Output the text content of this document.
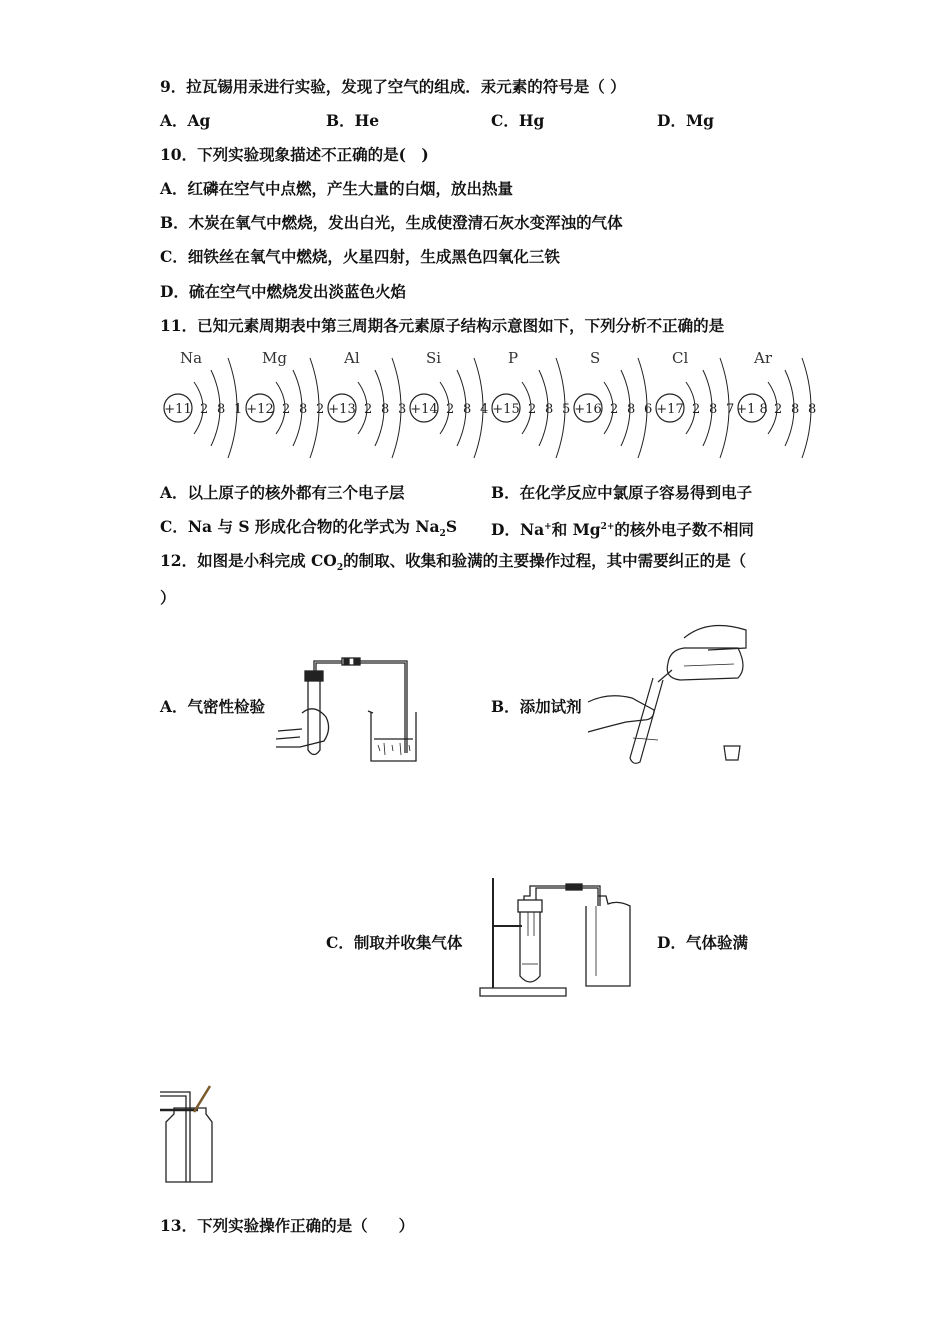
9．拉瓦锡用汞进行实验，发现了空气的组成．汞元素的符号是（ ）
A．Ag	B．He	C．Hg	D．Mg
10．下列实验现象描述不正确的是(　)
A．红磷在空气中点燃，产生大量的白烟，放出热量
B．木炭在氧气中燃烧，发出白光，生成使澄清石灰水变浑浊的气体
C．细铁丝在氧气中燃烧，火星四射，生成黑色四氧化三铁
D．硫在空气中燃烧发出淡蓝色火焰
11．已知元素周期表中第三周期各元素原子结构示意图如下，下列分析不正确的是
Na
+11 2 8 1
Mg
+12 2 8 2
Al
+13 2 8 3
Si
+14 2 8 4
P
+15 2 8 5
S
+16 2 8 6
Cl
+17 2 8 7
Ar
+1 8 2 8 8
A．以上原子的核外都有三个电子层	B．在化学反应中氯原子容易得到电子
C．Na 与 S 形成化合物的化学式为 $Na_2S$ D．Na+和 $Mg^{2+}$的核外电子数不相同
12．如图是小科完成 $CO_2$的制取、收集和验满的主要操作过程，其中需要纠正的是（
）
A．气密性检验	B．添加试剂
C．制取并收集气体	D．气体验满
13．下列实验操作正确的是（　　）
